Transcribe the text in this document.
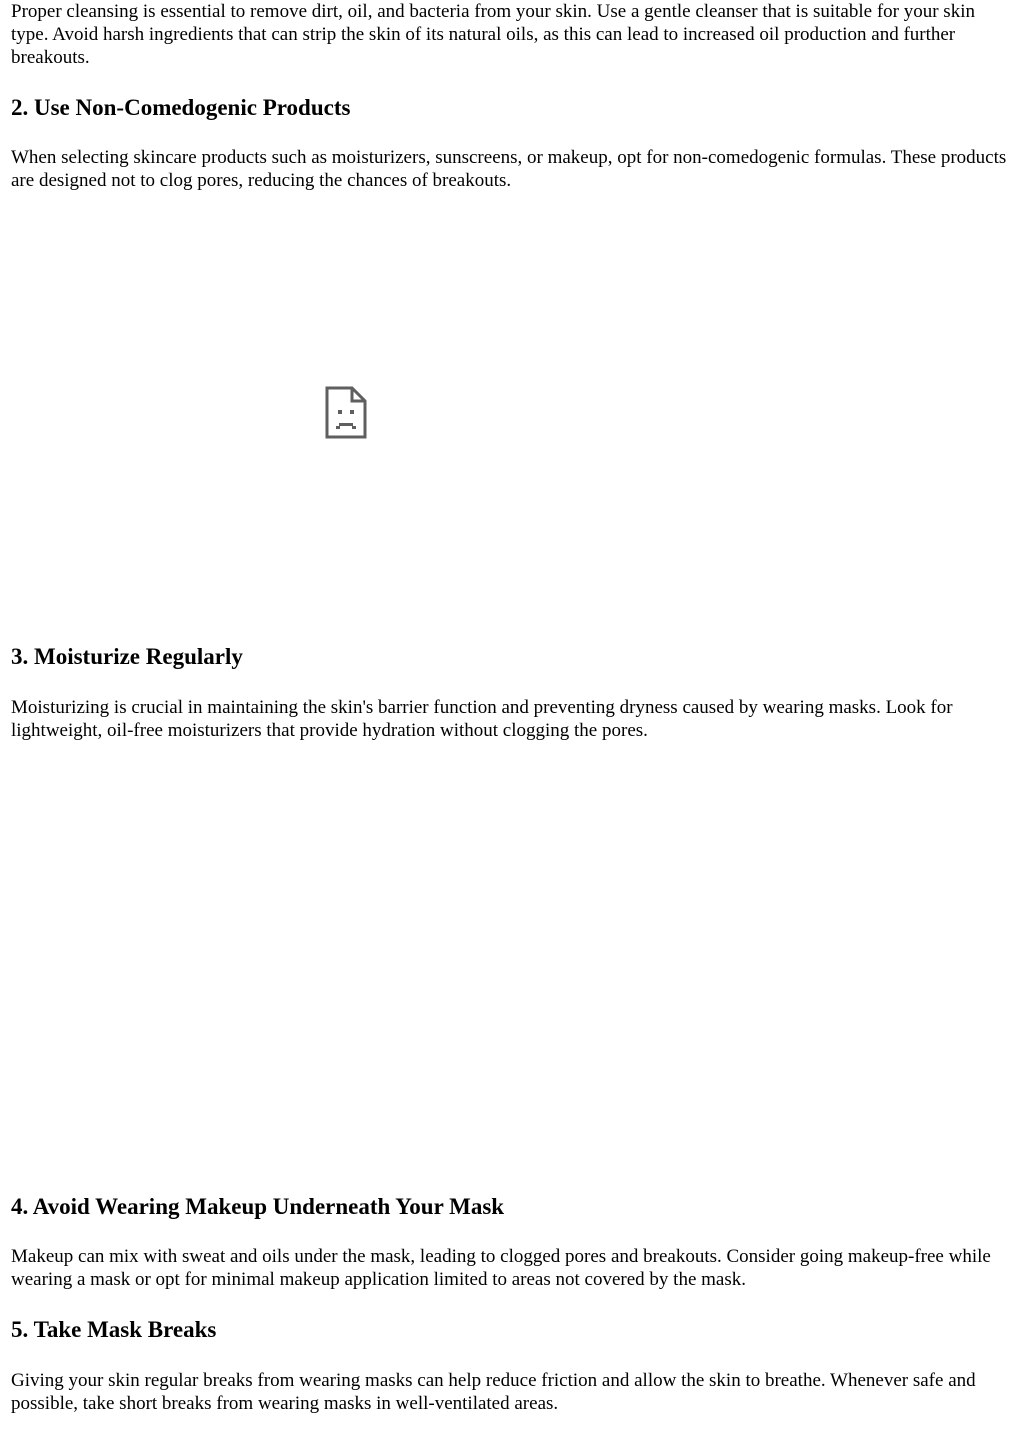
Proper cleansing is essential to remove dirt, oil, and bacteria from your skin. Use a gentle cleanser that is suitable for your skin type. Avoid harsh ingredients that can strip the skin of its natural oils, as this can lead to increased oil production and further breakouts.

2. Use Non-Comedogenic Products

When selecting skincare products such as moisturizers, sunscreens, or makeup, opt for non-comedogenic formulas. These products are designed not to clog pores, reducing the chances of breakouts.

3. Moisturize Regularly

Moisturizing is crucial in maintaining the skin's barrier function and preventing dryness caused by wearing masks. Look for lightweight, oil-free moisturizers that provide hydration without clogging the pores.

4. Avoid Wearing Makeup Underneath Your Mask

Makeup can mix with sweat and oils under the mask, leading to clogged pores and breakouts. Consider going makeup-free while wearing a mask or opt for minimal makeup application limited to areas not covered by the mask.

5. Take Mask Breaks

Giving your skin regular breaks from wearing masks can help reduce friction and allow the skin to breathe. Whenever safe and possible, take short breaks from wearing masks in well-ventilated areas.
